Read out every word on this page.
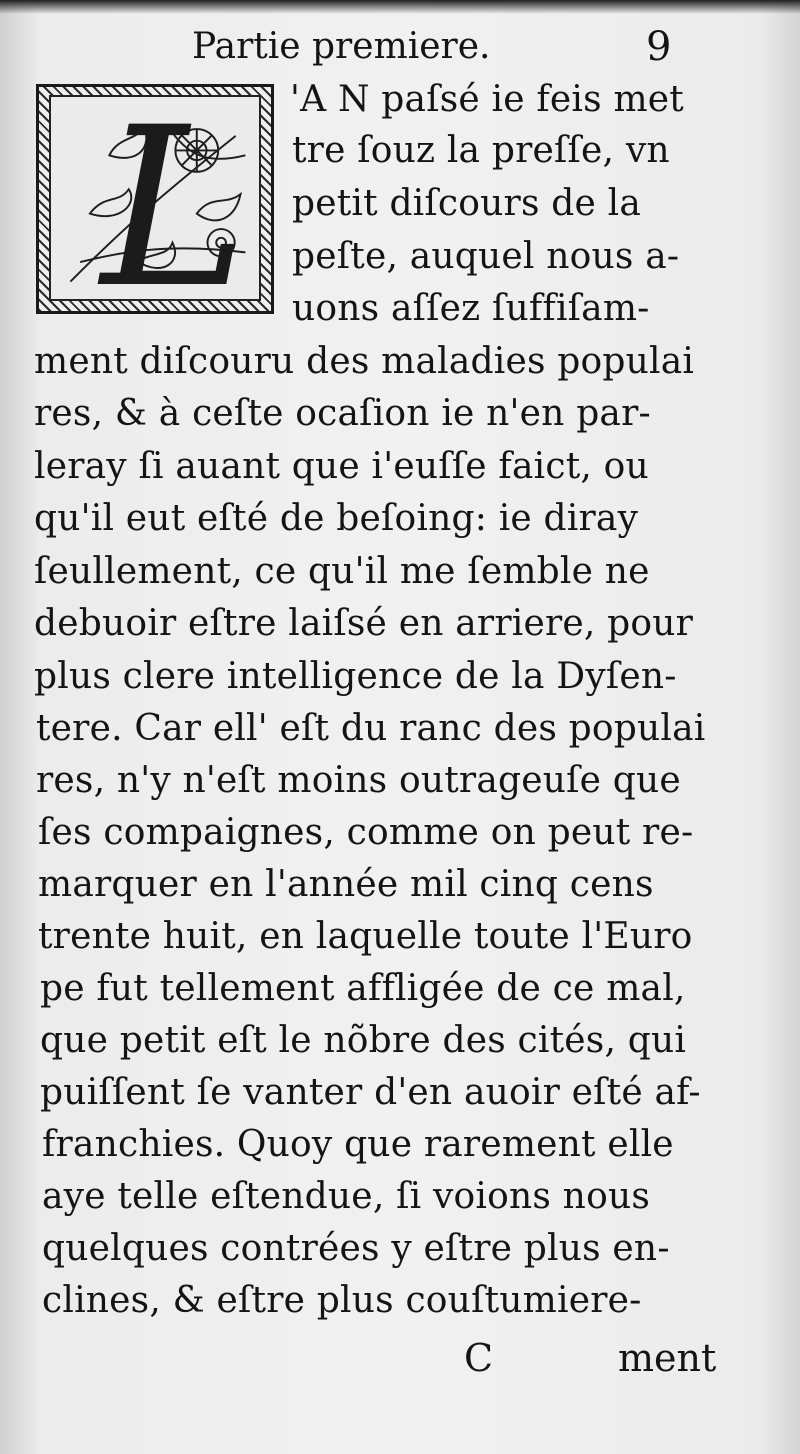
Partie premiere.	9
L 'A N paſsé ie feis met
tre ſouz la preſſe, vn
petit diſcours de la
peſte, auquel nous a-
uons aſſez ſuffiſam-
ment diſcouru des maladies populai
res, & à ceſte ocaſion ie n'en par-
leray ſi auant que i'euſſe faict, ou
qu'il eut eſté de beſoing: ie diray
ſeullement, ce qu'il me ſemble ne
debuoir eſtre laiſsé en arriere, pour
plus clere intelligence de la Dyſen-
tere. Car ell' eſt du ranc des populai
res, n'y n'eſt moins outrageuſe que
ſes compaignes, comme on peut re-
marquer en l'année mil cinq cens
trente huit, en laquelle toute l'Euro
pe fut tellement affligée de ce mal,
que petit eſt le nõbre des cités, qui
puiſſent ſe vanter d'en auoir eſté af-
franchies. Quoy que rarement elle
aye telle eſtendue, ſi voions nous
quelques contrées y eſtre plus en-
clines, & eſtre plus couſtumiere-
C	ment
